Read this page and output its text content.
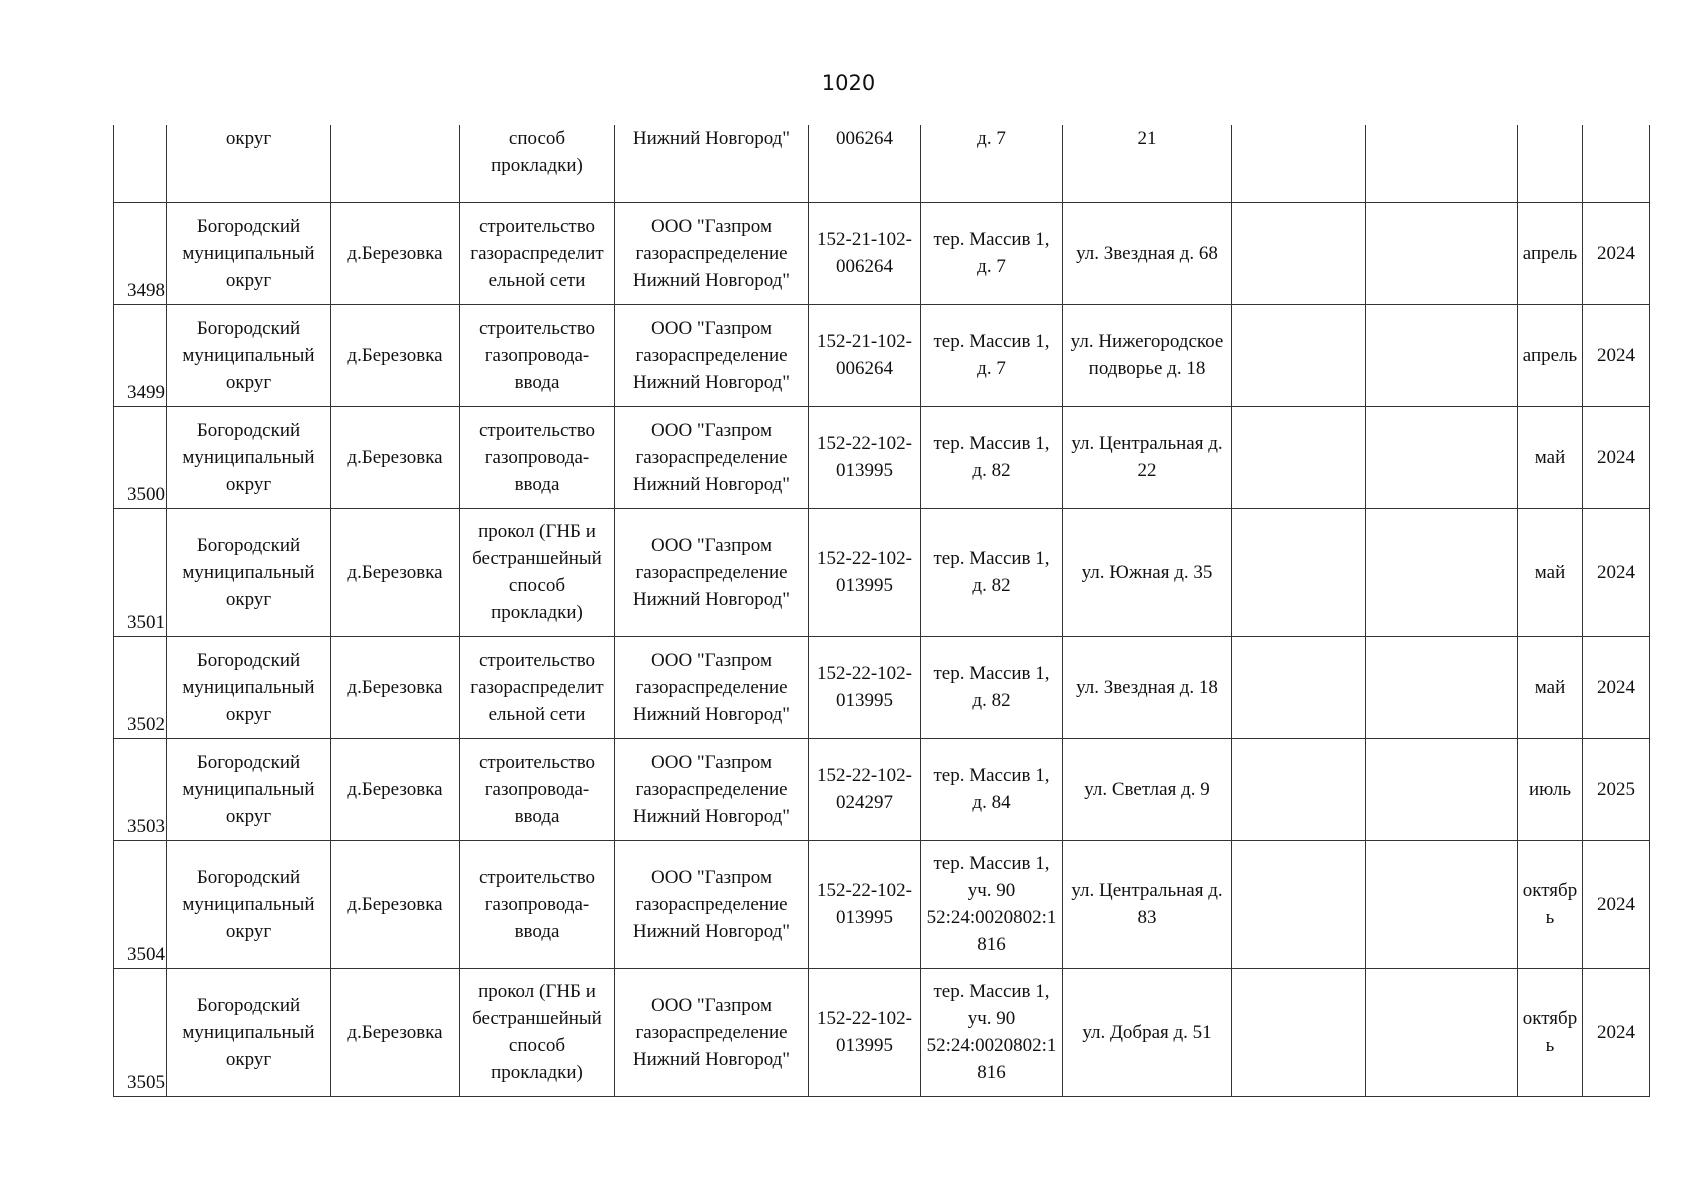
1020
	округ		способ
прокладки)	Нижний Новгород"	006264	д. 7	21				
3498	Богородский
муниципальный
округ	д.Березовка	строительство
газораспределит
ельной сети	ООО "Газпром
газораспределение
Нижний Новгород"	152-21-102-
006264	тер. Массив 1,
д. 7	ул. Звездная д. 68			апрель	2024
3499	Богородский
муниципальный
округ	д.Березовка	строительство
газопровода-
ввода	ООО "Газпром
газораспределение
Нижний Новгород"	152-21-102-
006264	тер. Массив 1,
д. 7	ул. Нижегородское
подворье д. 18			апрель	2024
3500	Богородский
муниципальный
округ	д.Березовка	строительство
газопровода-
ввода	ООО "Газпром
газораспределение
Нижний Новгород"	152-22-102-
013995	тер. Массив 1,
д. 82	ул. Центральная д.
22			май	2024
3501	Богородский
муниципальный
округ	д.Березовка	прокол (ГНБ и
бестраншейный
способ
прокладки)	ООО "Газпром
газораспределение
Нижний Новгород"	152-22-102-
013995	тер. Массив 1,
д. 82	ул. Южная д. 35			май	2024
3502	Богородский
муниципальный
округ	д.Березовка	строительство
газораспределит
ельной сети	ООО "Газпром
газораспределение
Нижний Новгород"	152-22-102-
013995	тер. Массив 1,
д. 82	ул. Звездная д. 18			май	2024
3503	Богородский
муниципальный
округ	д.Березовка	строительство
газопровода-
ввода	ООО "Газпром
газораспределение
Нижний Новгород"	152-22-102-
024297	тер. Массив 1,
д. 84	ул. Светлая д. 9			июль	2025
3504	Богородский
муниципальный
округ	д.Березовка	строительство
газопровода-
ввода	ООО "Газпром
газораспределение
Нижний Новгород"	152-22-102-
013995	тер. Массив 1,
уч. 90
52:24:0020802:1
816	ул. Центральная д.
83			октябр
ь	2024
3505	Богородский
муниципальный
округ	д.Березовка	прокол (ГНБ и
бестраншейный
способ
прокладки)	ООО "Газпром
газораспределение
Нижний Новгород"	152-22-102-
013995	тер. Массив 1,
уч. 90
52:24:0020802:1
816	ул. Добрая д. 51			октябр
ь	2024
